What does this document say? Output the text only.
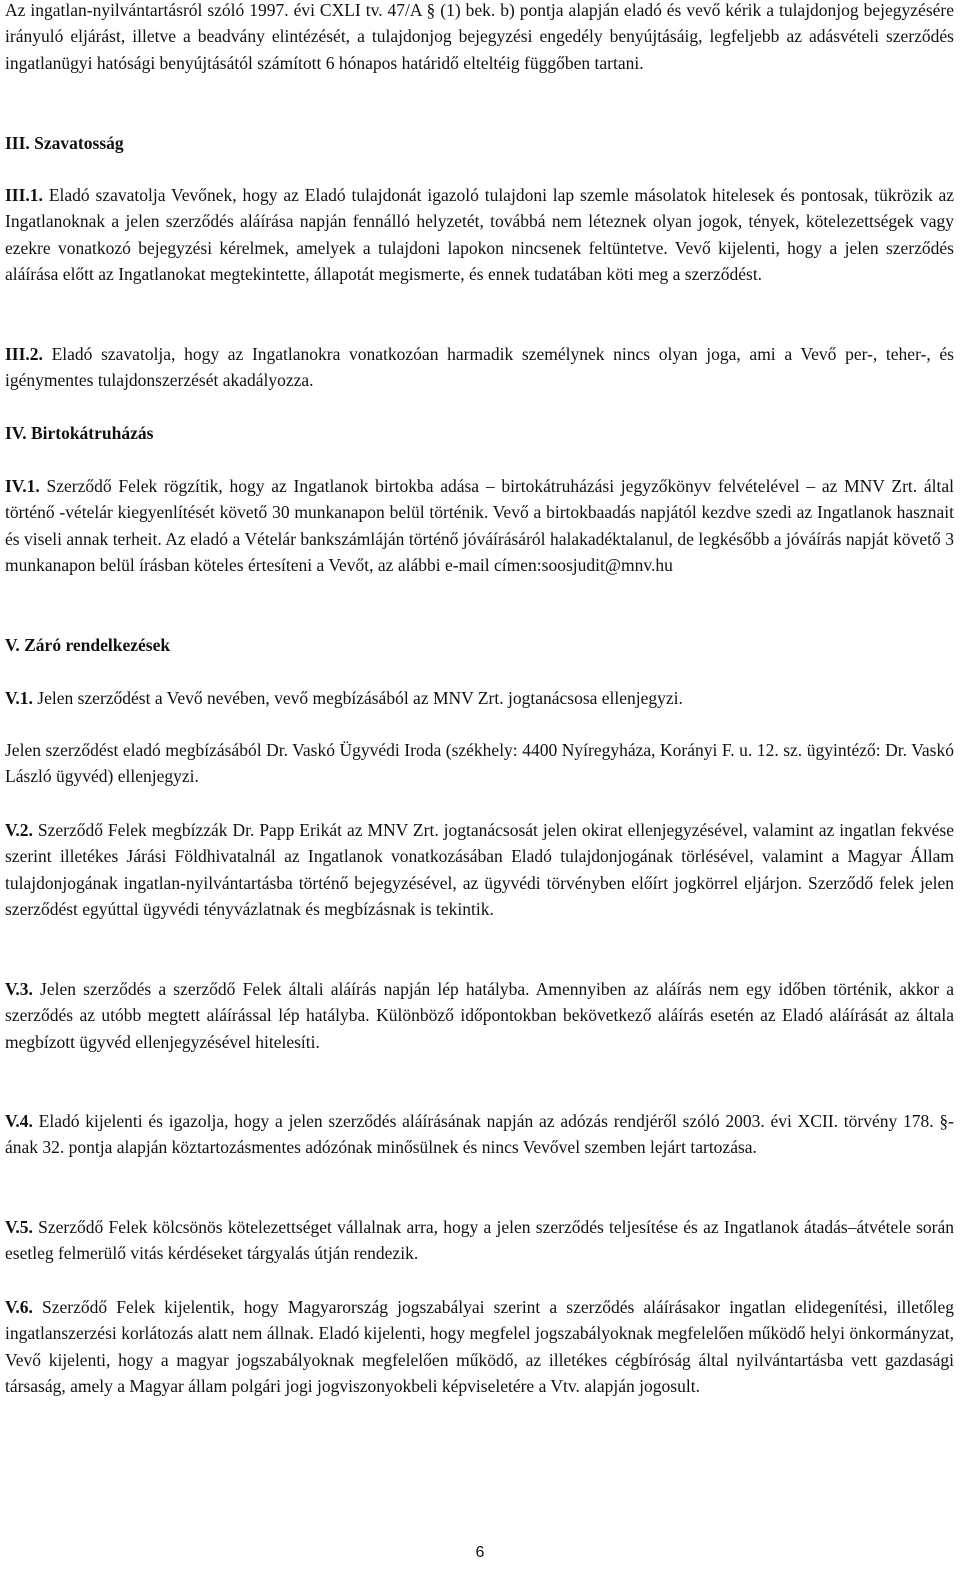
Az ingatlan-nyilvántartásról szóló 1997. évi CXLI tv. 47/A § (1) bek. b) pontja alapján eladó és vevő kérik a tulajdonjog bejegyzésére irányuló eljárást, illetve a beadvány elintézését, a tulajdonjog bejegyzési engedély benyújtásáig, legfeljebb az adásvételi szerződés ingatlanügyi hatósági benyújtásától számított 6 hónapos határidő elteltéig függőben tartani.

III. Szavatosság

III.1. Eladó szavatolja Vevőnek, hogy az Eladó tulajdonát igazoló tulajdoni lap szemle másolatok hitelesek és pontosak, tükrözik az Ingatlanoknak a jelen szerződés aláírása napján fennálló helyzetét, továbbá nem léteznek olyan jogok, tények, kötelezettségek vagy ezekre vonatkozó bejegyzési kérelmek, amelyek a tulajdoni lapokon nincsenek feltüntetve. Vevő kijelenti, hogy a jelen szerződés aláírása előtt az Ingatlanokat megtekintette, állapotát megismerte, és ennek tudatában köti meg a szerződést.

III.2. Eladó szavatolja, hogy az Ingatlanokra vonatkozóan harmadik személynek nincs olyan joga, ami a Vevő per-, teher-, és igénymentes tulajdonszerzését akadályozza.

IV. Birtokátruházás

IV.1. Szerződő Felek rögzítik, hogy az Ingatlanok birtokba adása – birtokátruházási jegyzőkönyv felvételével – az MNV Zrt. által történő -vételár kiegyenlítését követő 30 munkanapon belül történik. Vevő a birtokbaadás napjától kezdve szedi az Ingatlanok hasznait és viseli annak terheit. Az eladó a Vételár bankszámláján történő jóváírásáról halakadéktalanul, de legkésőbb a jóváírás napját követő 3 munkanapon belül írásban köteles értesíteni a Vevőt, az alábbi e-mail címen:soosjudit@mnv.hu

V. Záró rendelkezések

V.1. Jelen szerződést a Vevő nevében, vevő megbízásából az MNV Zrt. jogtanácsosa ellenjegyzi.

Jelen szerződést eladó megbízásából Dr. Vaskó Ügyvédi Iroda (székhely: 4400 Nyíregyháza, Korányi F. u. 12. sz. ügyintéző: Dr. Vaskó László ügyvéd) ellenjegyzi.

V.2. Szerződő Felek megbízzák Dr. Papp Erikát az MNV Zrt. jogtanácsosát jelen okirat ellenjegyzésével, valamint az ingatlan fekvése szerint illetékes Járási Földhivatalnál az Ingatlanok vonatkozásában Eladó tulajdonjogának törlésével, valamint a Magyar Állam tulajdonjogának ingatlan-nyilvántartásba történő bejegyzésével, az ügyvédi törvényben előírt jogkörrel eljárjon. Szerződő felek jelen szerződést egyúttal ügyvédi tényvázlatnak és megbízásnak is tekintik.

V.3. Jelen szerződés a szerződő Felek általi aláírás napján lép hatályba. Amennyiben az aláírás nem egy időben történik, akkor a szerződés az utóbb megtett aláírással lép hatályba. Különböző időpontokban bekövetkező aláírás esetén az Eladó aláírását az általa megbízott ügyvéd ellenjegyzésével hitelesíti.

V.4. Eladó kijelenti és igazolja, hogy a jelen szerződés aláírásának napján az adózás rendjéről szóló 2003. évi XCII. törvény 178. §-ának 32. pontja alapján köztartozásmentes adózónak minősülnek és nincs Vevővel szemben lejárt tartozása.

V.5. Szerződő Felek kölcsönös kötelezettséget vállalnak arra, hogy a jelen szerződés teljesítése és az Ingatlanok átadás–átvétele során esetleg felmerülő vitás kérdéseket tárgyalás útján rendezik.

V.6. Szerződő Felek kijelentik, hogy Magyarország jogszabályai szerint a szerződés aláírásakor ingatlan elidegenítési, illetőleg ingatlanszerzési korlátozás alatt nem állnak. Eladó kijelenti, hogy megfelel jogszabályoknak megfelelően működő helyi önkormányzat, Vevő kijelenti, hogy a magyar jogszabályoknak megfelelően működő, az illetékes cégbíróság által nyilvántartásba vett gazdasági társaság, amely a Magyar állam polgári jogi jogviszonyokbeli képviseletére a Vtv. alapján jogosult.

6
